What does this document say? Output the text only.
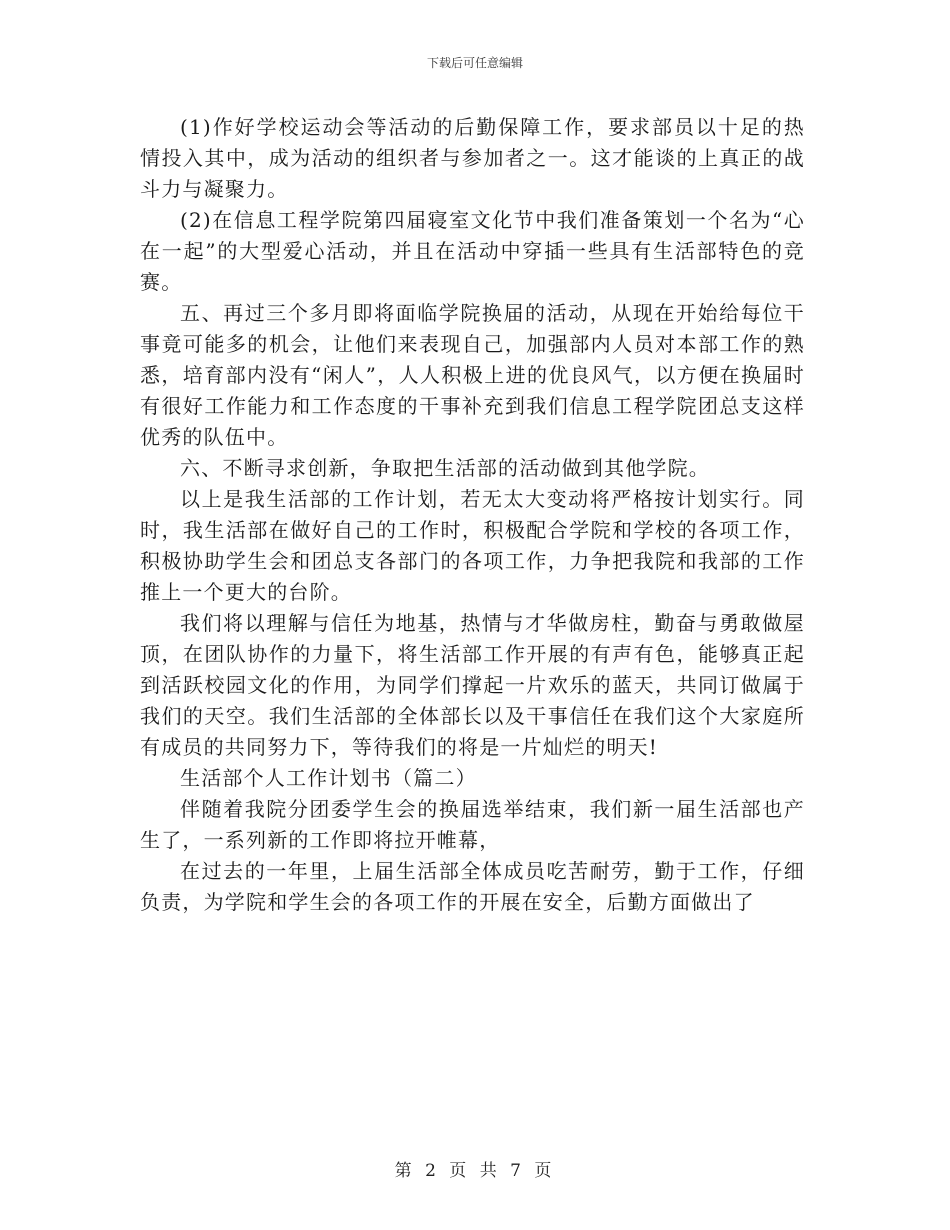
下载后可任意编辑

(1)作好学校运动会等活动的后勤保障工作，要求部员以十足的热情投入其中，成为活动的组织者与参加者之一。这才能谈的上真正的战斗力与凝聚力。

(2)在信息工程学院第四届寝室文化节中我们准备策划一个名为“心在一起”的大型爱心活动，并且在活动中穿插一些具有生活部特色的竞赛。

五、再过三个多月即将面临学院换届的活动，从现在开始给每位干事竟可能多的机会，让他们来表现自己，加强部内人员对本部工作的熟悉，培育部内没有“闲人”，人人积极上进的优良风气，以方便在换届时有很好工作能力和工作态度的干事补充到我们信息工程学院团总支这样优秀的队伍中。

六、不断寻求创新，争取把生活部的活动做到其他学院。

以上是我生活部的工作计划，若无太大变动将严格按计划实行。同时，我生活部在做好自己的工作时，积极配合学院和学校的各项工作，积极协助学生会和团总支各部门的各项工作，力争把我院和我部的工作推上一个更大的台阶。

我们将以理解与信任为地基，热情与才华做房柱，勤奋与勇敢做屋顶，在团队协作的力量下，将生活部工作开展的有声有色，能够真正起到活跃校园文化的作用，为同学们撑起一片欢乐的蓝天，共同订做属于我们的天空。我们生活部的全体部长以及干事信任在我们这个大家庭所有成员的共同努力下，等待我们的将是一片灿烂的明天!

生活部个人工作计划书（篇二）

伴随着我院分团委学生会的换届选举结束，我们新一届生活部也产生了，一系列新的工作即将拉开帷幕，

在过去的一年里，上届生活部全体成员吃苦耐劳，勤于工作，仔细负责，为学院和学生会的各项工作的开展在安全，后勤方面做出了

第 2 页 共 7 页
